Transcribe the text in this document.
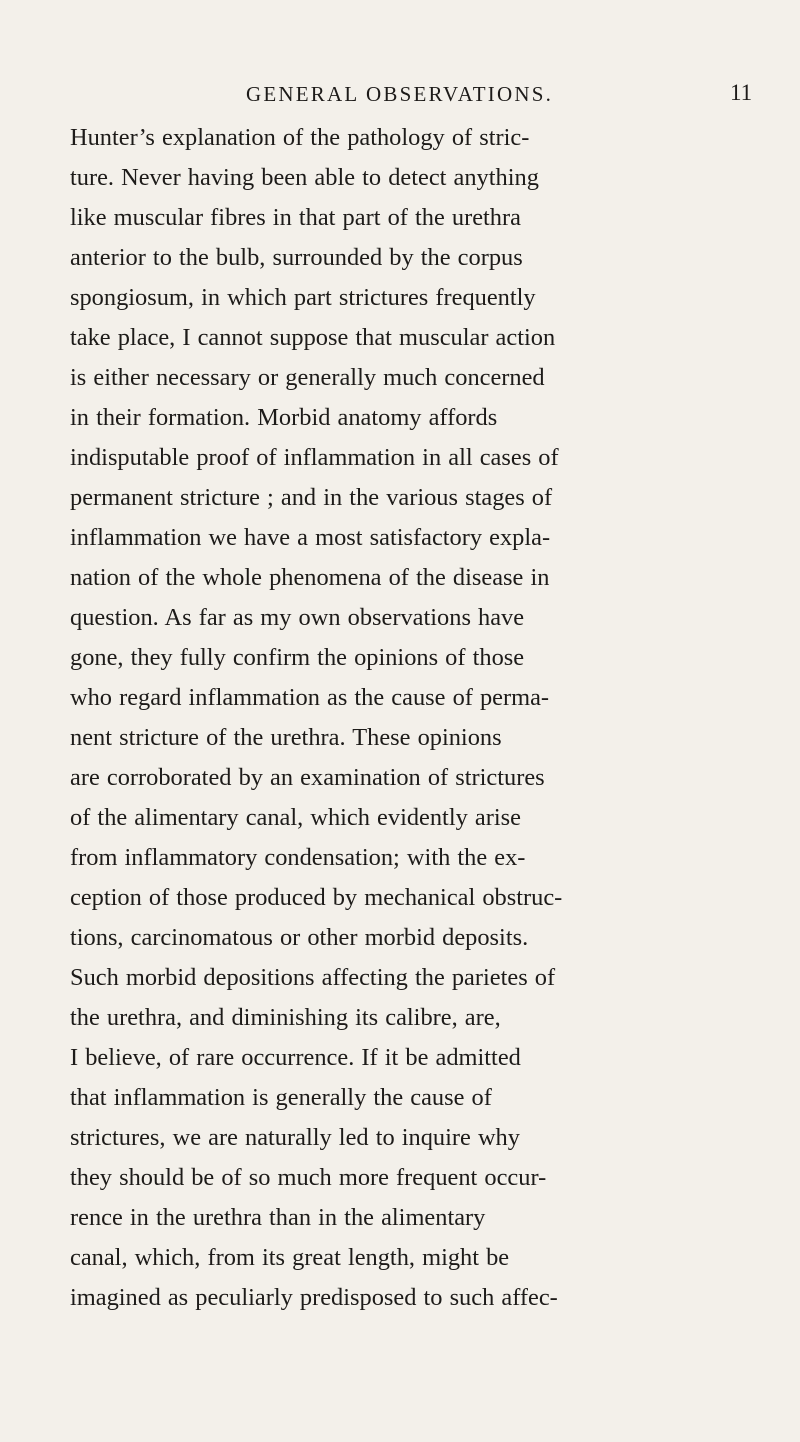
GENERAL OBSERVATIONS.	11
Hunter’s explanation of the pathology of stric-
ture. Never having been able to detect anything
like muscular fibres in that part of the urethra
anterior to the bulb, surrounded by the corpus
spongiosum, in which part strictures frequently
take place, I cannot suppose that muscular action
is either necessary or generally much concerned
in their formation. Morbid anatomy affords
indisputable proof of inflammation in all cases of
permanent stricture ; and in the various stages of
inflammation we have a most satisfactory expla-
nation of the whole phenomena of the disease in
question. As far as my own observations have
gone, they fully confirm the opinions of those
who regard inflammation as the cause of perma-
nent stricture of the urethra. These opinions
are corroborated by an examination of strictures
of the alimentary canal, which evidently arise
from inflammatory condensation; with the ex-
ception of those produced by mechanical obstruc-
tions, carcinomatous or other morbid deposits.
Such morbid depositions affecting the parietes of
the urethra, and diminishing its calibre, are,
I believe, of rare occurrence. If it be admitted
that inflammation is generally the cause of
strictures, we are naturally led to inquire why
they should be of so much more frequent occur-
rence in the urethra than in the alimentary
canal, which, from its great length, might be
imagined as peculiarly predisposed to such affec-
